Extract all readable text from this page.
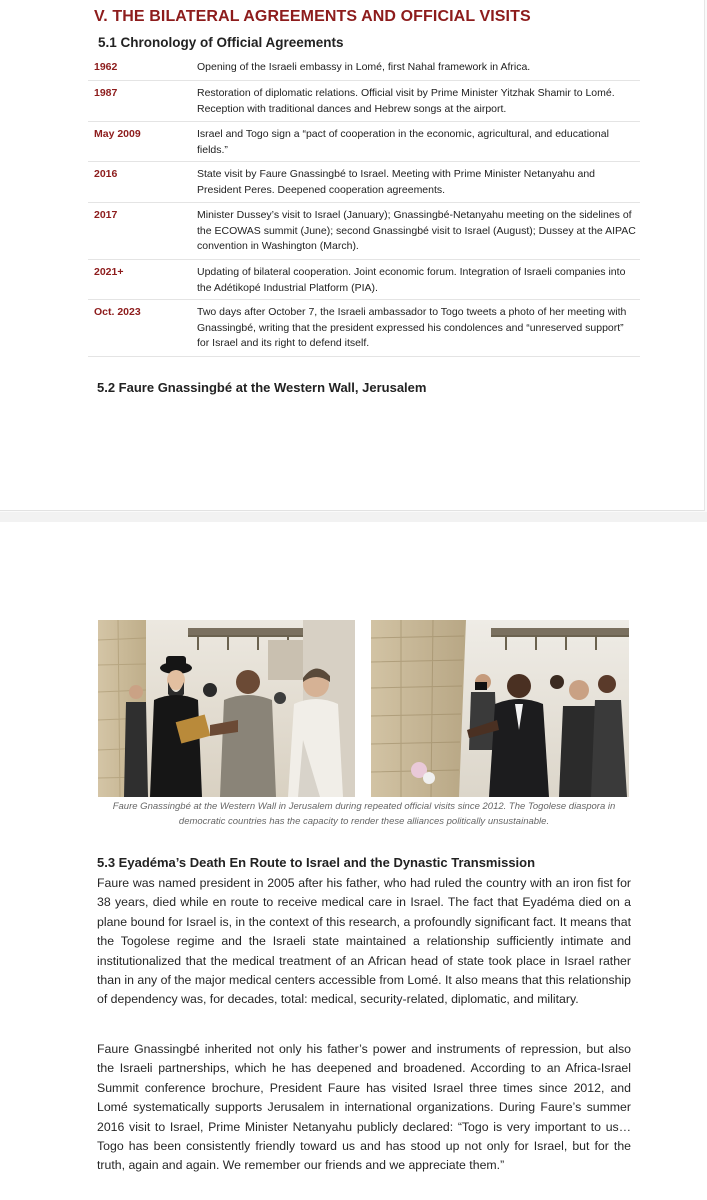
V. THE BILATERAL AGREEMENTS AND OFFICIAL VISITS
5.1 Chronology of Official Agreements
1962	Opening of the Israeli embassy in Lomé, first Nahal framework in Africa.
1987	Restoration of diplomatic relations. Official visit by Prime Minister Yitzhak Shamir to Lomé. Reception with traditional dances and Hebrew songs at the airport.
May 2009	Israel and Togo sign a “pact of cooperation in the economic, agricultural, and educational fields.”
2016	State visit by Faure Gnassingbé to Israel. Meeting with Prime Minister Netanyahu and President Peres. Deepened cooperation agreements.
2017	Minister Dussey’s visit to Israel (January); Gnassingbé-Netanyahu meeting on the sidelines of the ECOWAS summit (June); second Gnassingbé visit to Israel (August); Dussey at the AIPAC convention in Washington (March).
2021+	Updating of bilateral cooperation. Joint economic forum. Integration of Israeli companies into the Adétikopé Industrial Platform (PIA).
Oct. 2023	Two days after October 7, the Israeli ambassador to Togo tweets a photo of her meeting with Gnassingbé, writing that the president expressed his condolences and “unreserved support” for Israel and its right to defend itself.
5.2 Faure Gnassingbé at the Western Wall, Jerusalem
Faure Gnassingbé at the Western Wall in Jerusalem during repeated official visits since 2012. The Togolese diaspora in democratic countries has the capacity to render these alliances politically unsustainable.
5.3 Eyadéma’s Death En Route to Israel and the Dynastic Transmission
Faure was named president in 2005 after his father, who had ruled the country with an iron fist for 38 years, died while en route to receive medical care in Israel. The fact that Eyadéma died on a plane bound for Israel is, in the context of this research, a profoundly significant fact. It means that the Togolese regime and the Israeli state maintained a relationship sufficiently intimate and institutionalized that the medical treatment of an African head of state took place in Israel rather than in any of the major medical centers accessible from Lomé. It also means that this relationship of dependency was, for decades, total: medical, security-related, diplomatic, and military.
Faure Gnassingbé inherited not only his father’s power and instruments of repression, but also the Israeli partnerships, which he has deepened and broadened. According to an Africa-Israel Summit conference brochure, President Faure has visited Israel three times since 2012, and Lomé systematically supports Jerusalem in international organizations. During Faure’s summer 2016 visit to Israel, Prime Minister Netanyahu publicly declared: “Togo is very important to us… Togo has been consistently friendly toward us and has stood up not only for Israel, but for the truth, again and again. We remember our friends and we appreciate them.”
